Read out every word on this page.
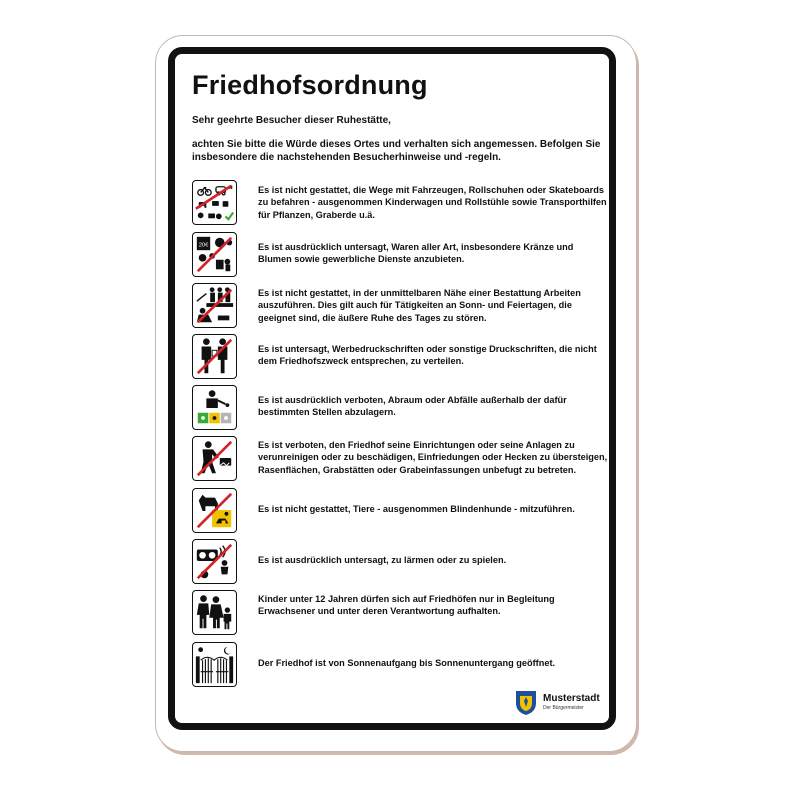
Friedhofsordnung
Sehr geehrte Besucher dieser Ruhestätte,
achten Sie bitte die Würde dieses Ortes und verhalten sich angemessen. Befolgen Sie insbesondere die nachstehenden Besucherhinweise und -regeln.
Es ist nicht gestattet, die Wege mit Fahrzeugen, Rollschuhen oder Skateboards zu befahren - ausgenommen Kinderwagen und Rollstühle sowie Transporthilfen für Pflanzen, Graberde u.ä.
20€	Es ist ausdrücklich untersagt, Waren aller Art, insbesondere Kränze und Blumen sowie gewerbliche Dienste anzubieten.
Es ist nicht gestattet, in der unmittelbaren Nähe einer Bestattung Arbeiten auszuführen. Dies gilt auch für Tätigkeiten an Sonn- und Feiertagen, die geeignet sind, die äußere Ruhe des Tages zu stören.
Es ist untersagt, Werbedruckschriften oder sonstige Druckschriften, die nicht dem Friedhofszweck entsprechen, zu verteilen.
Es ist ausdrücklich verboten, Abraum oder Abfälle außerhalb der dafür bestimmten Stellen abzulagern.
Es ist verboten, den Friedhof seine Einrichtungen oder seine Anlagen zu verunreinigen oder zu beschädigen, Einfriedungen oder Hecken zu übersteigen, Rasenflächen, Grabstätten oder Grabeinfassungen unbefugt zu betreten.
Es ist nicht gestattet, Tiere - ausgenommen Blindenhunde - mitzuführen.
Es ist ausdrücklich untersagt, zu lärmen oder zu spielen.
Kinder unter 12 Jahren dürfen sich auf Friedhöfen nur in Begleitung Erwachsener und unter deren Verantwortung aufhalten.
Der Friedhof ist von Sonnenaufgang bis Sonnenuntergang geöffnet.
Musterstadt
Der Bürgermeister
